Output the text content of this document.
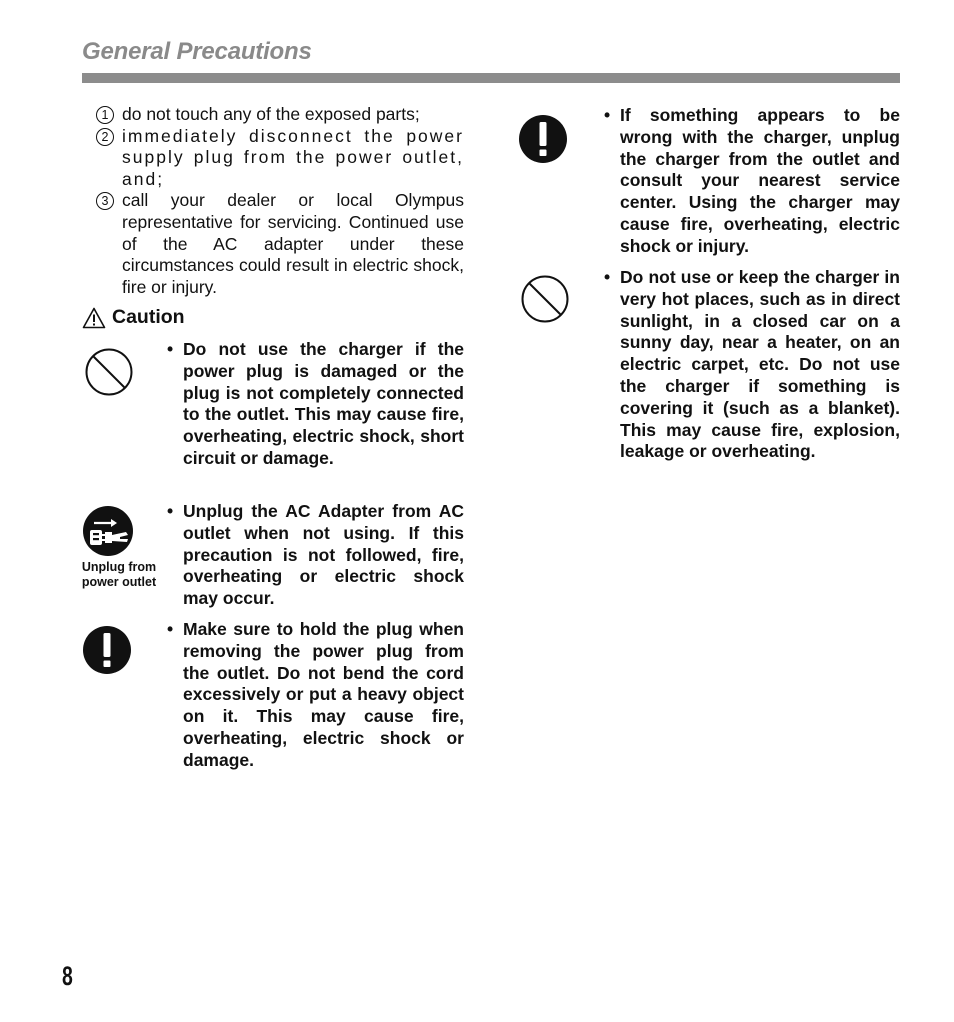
General Precautions
1 do not touch any of the exposed parts;
2 immediately disconnect the power supply plug from the power outlet, and;
3 call your dealer or local Olympus representative for servicing. Continued use of the AC adapter under these circumstances could result in electric shock, fire or injury.
Caution
• Do not use the charger if the power plug is damaged or the plug is not completely connected to the outlet. This may cause fire, overheating, electric shock, short circuit or damage.
Unplug from power outlet
• Unplug the AC Adapter from AC outlet when not using. If this precaution is not followed, fire, overheating or electric shock may occur.
• Make sure to hold the plug when removing the power plug from the outlet. Do not bend the cord excessively or put a heavy object on it. This may cause fire, overheating, electric shock or damage.
• If something appears to be wrong with the charger, unplug the charger from the outlet and consult your nearest service center. Using the charger may cause fire, overheating, electric shock or injury.
• Do not use or keep the charger in very hot places, such as in direct sunlight, in a closed car on a sunny day, near a heater, on an electric carpet, etc. Do not use the charger if something is covering it (such as a blanket). This may cause fire, explosion, leakage or overheating.
8
